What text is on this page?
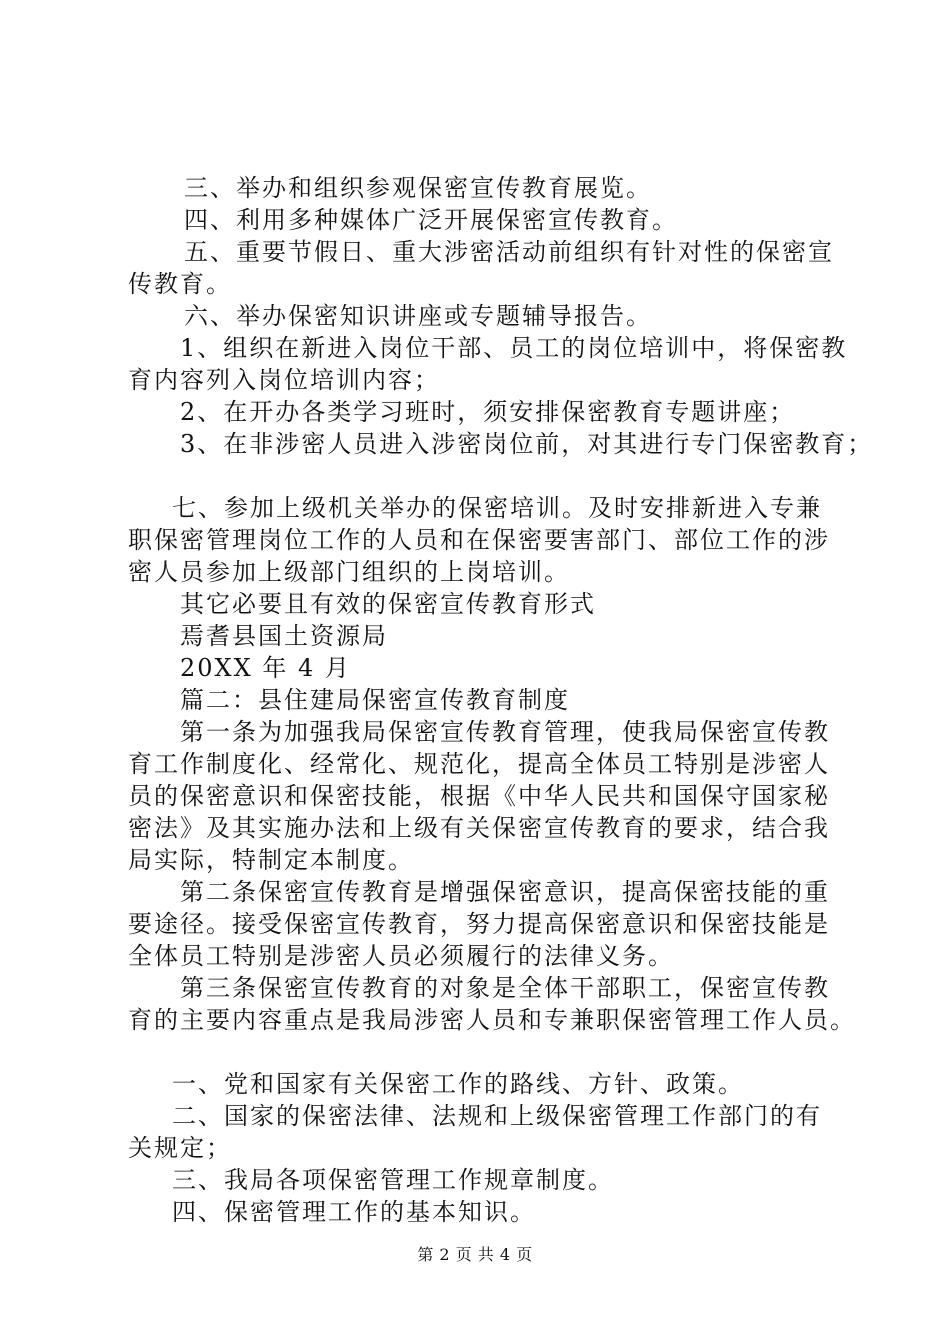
三、举办和组织参观保密宣传教育展览。
四、利用多种媒体广泛开展保密宣传教育。
五、重要节假日、重大涉密活动前组织有针对性的保密宣
传教育。
六、举办保密知识讲座或专题辅导报告。
1、组织在新进入岗位干部、员工的岗位培训中，将保密教
育内容列入岗位培训内容；
2、在开办各类学习班时，须安排保密教育专题讲座；
3、在非涉密人员进入涉密岗位前，对其进行专门保密教育；
七、参加上级机关举办的保密培训。及时安排新进入专兼
职保密管理岗位工作的人员和在保密要害部门、部位工作的涉
密人员参加上级部门组织的上岗培训。
其它必要且有效的保密宣传教育形式
焉耆县国土资源局
20XX 年 4 月
篇二：县住建局保密宣传教育制度
第一条为加强我局保密宣传教育管理，使我局保密宣传教
育工作制度化、经常化、规范化，提高全体员工特别是涉密人
员的保密意识和保密技能，根据《中华人民共和国保守国家秘
密法》及其实施办法和上级有关保密宣传教育的要求，结合我
局实际，特制定本制度。
第二条保密宣传教育是增强保密意识，提高保密技能的重
要途径。接受保密宣传教育，努力提高保密意识和保密技能是
全体员工特别是涉密人员必须履行的法律义务。
第三条保密宣传教育的对象是全体干部职工，保密宣传教
育的主要内容重点是我局涉密人员和专兼职保密管理工作人员。
一、党和国家有关保密工作的路线、方针、政策。
二、国家的保密法律、法规和上级保密管理工作部门的有
关规定；
三、我局各项保密管理工作规章制度。
四、保密管理工作的基本知识。
第 2 页 共 4 页
